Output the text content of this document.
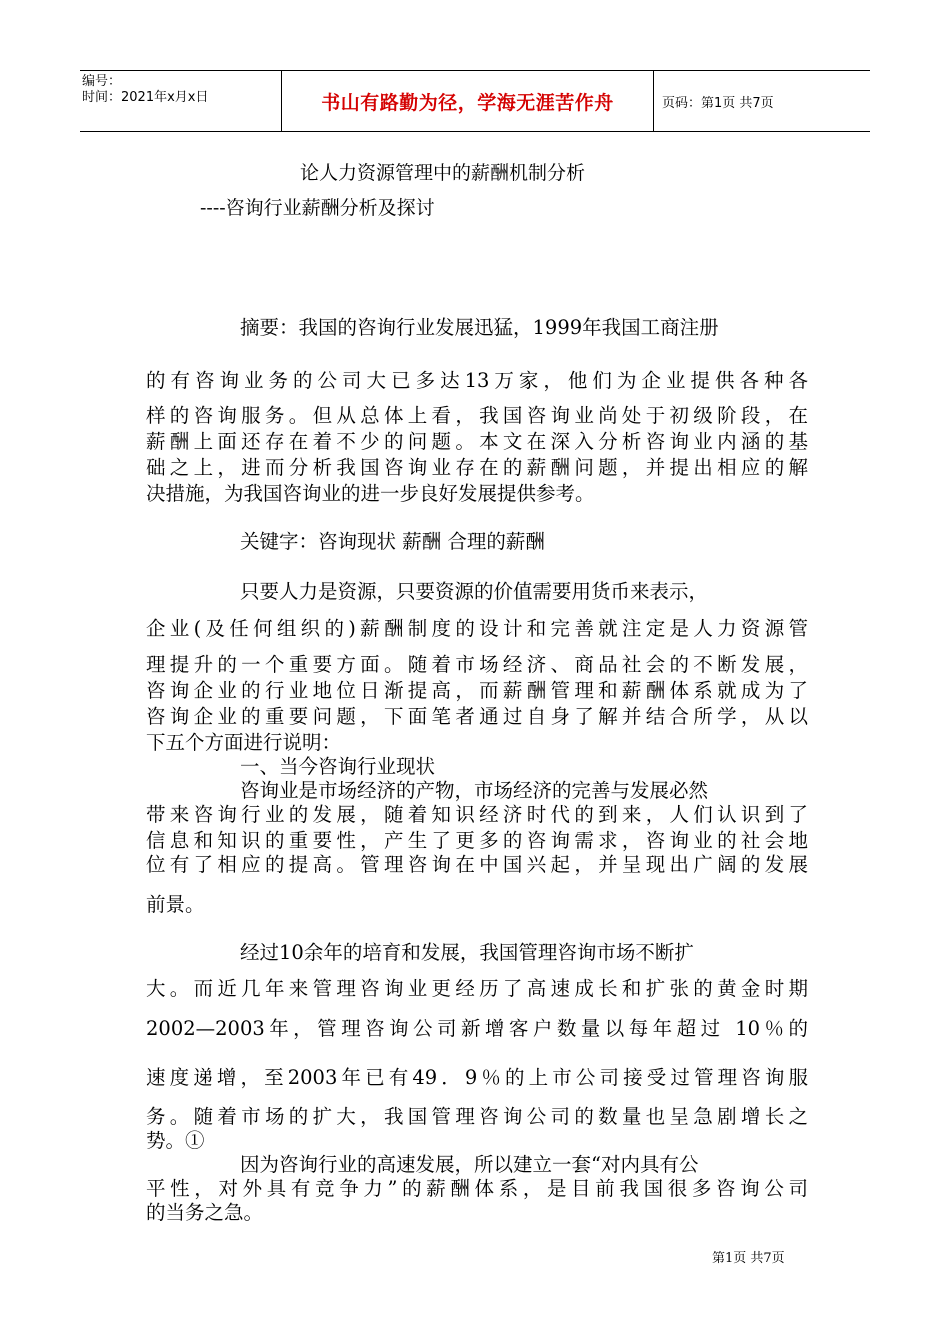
编号：
时间：2021年x月x日	书山有路勤为径，学海无涯苦作舟	页码：第1页 共7页
论人力资源管理中的薪酬机制分析
----咨询行业薪酬分析及探讨
摘要：我国的咨询行业发展迅猛，1999年我国工商注册
的有咨询业务的公司大已多达13万家，他们为企业提供各种各
样的咨询服务。但从总体上看，我国咨询业尚处于初级阶段，在
薪酬上面还存在着不少的问题。本文在深入分析咨询业内涵的基
础之上，进而分析我国咨询业存在的薪酬问题，并提出相应的解
决措施，为我国咨询业的进一步良好发展提供参考。
关键字：咨询现状 薪酬 合理的薪酬
只要人力是资源，只要资源的价值需要用货币来表示，
企业(及任何组织的)薪酬制度的设计和完善就注定是人力资源管
理提升的一个重要方面。随着市场经济、商品社会的不断发展，
咨询企业的行业地位日渐提高，而薪酬管理和薪酬体系就成为了
咨询企业的重要问题，下面笔者通过自身了解并结合所学，从以
下五个方面进行说明：
一、当今咨询行业现状
咨询业是市场经济的产物，市场经济的完善与发展必然
带来咨询行业的发展，随着知识经济时代的到来，人们认识到了
信息和知识的重要性，产生了更多的咨询需求，咨询业的社会地
位有了相应的提高。管理咨询在中国兴起，并呈现出广阔的发展
前景。
经过10余年的培育和发展，我国管理咨询市场不断扩
大。而近几年来管理咨询业更经历了高速成长和扩张的黄金时期
2002—2003年，管理咨询公司新增客户数量以每年超过 10％的
速度递增，至2003年已有49．9％的上市公司接受过管理咨询服
务。随着市场的扩大，我国管理咨询公司的数量也呈急剧增长之
势。①
因为咨询行业的高速发展，所以建立一套“对内具有公
平性，对外具有竞争力”的薪酬体系，是目前我国很多咨询公司
的当务之急。
第1页 共7页
